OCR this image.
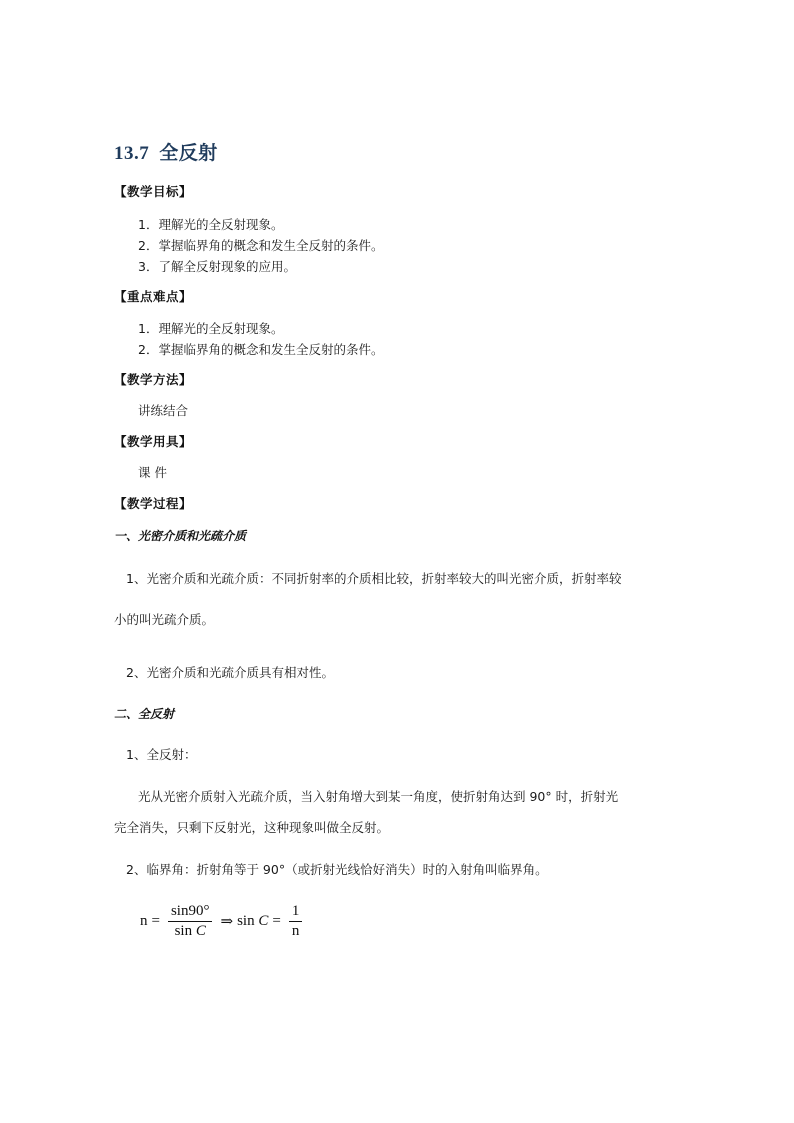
13.7 全反射
【教学目标】
1．理解光的全反射现象。
2．掌握临界角的概念和发生全反射的条件。
3．了解全反射现象的应用。
【重点难点】
1．理解光的全反射现象。
2．掌握临界角的概念和发生全反射的条件。
【教学方法】
讲练结合
【教学用具】
课 件
【教学过程】
一、光密介质和光疏介质
1、光密介质和光疏介质：不同折射率的介质相比较，折射率较大的叫光密介质，折射率较
小的叫光疏介质。
2、光密介质和光疏介质具有相对性。
二、全反射
1、全反射：
光从光密介质射入光疏介质，当入射角增大到某一角度，使折射角达到 90° 时，折射光
完全消失，只剩下反射光，这种现象叫做全反射。
2、临界角：折射角等于 90°（或折射光线恰好消失）时的入射角叫临界角。
$n = \frac{\sin 90^\circ}{\text{sin C}}$ ⇒ sin
$C = \frac{1}{n}$
